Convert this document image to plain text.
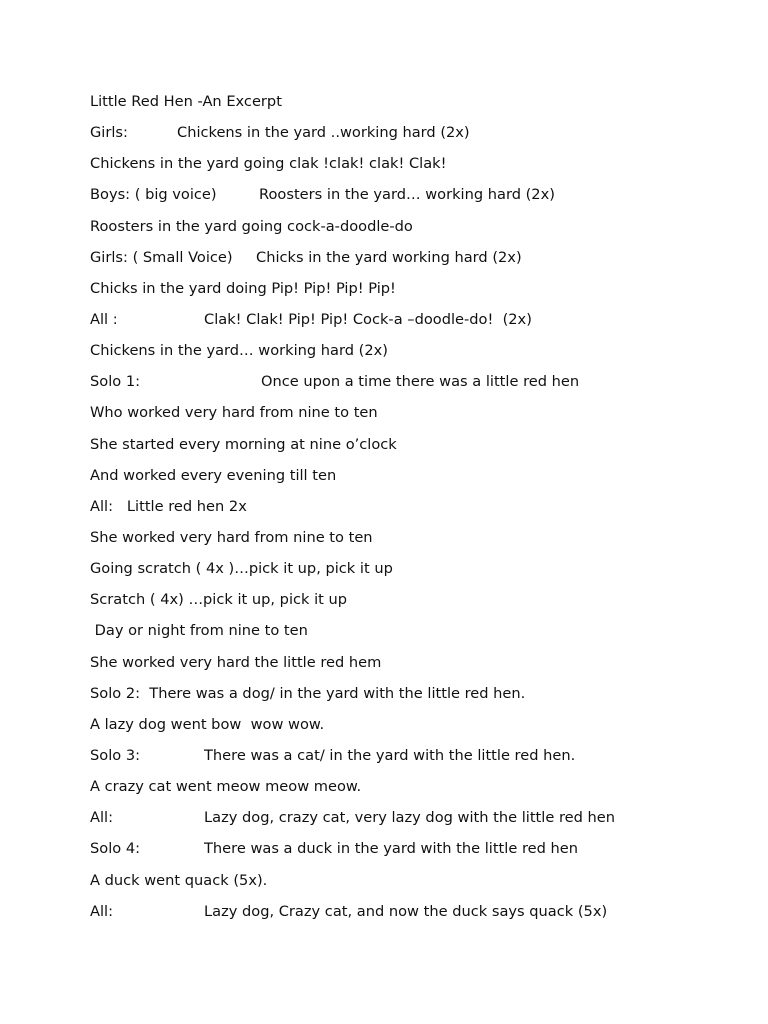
Little Red Hen -An Excerpt

Girls:

	Chickens in the yard ..working hard (2x)

Chickens in the yard going clak !clak! clak! Clak!

Boys: ( big voice)

	Roosters in the yard… working hard (2x)

Roosters in the yard going cock-a-doodle-do

Girls: ( Small Voice)

Chicks in the yard working hard (2x)

Chicks in the yard doing Pip! Pip! Pip! Pip!

All :

	Clak! Clak! Pip! Pip! Cock-a –doodle-do!  (2x)

Chickens in the yard… working hard (2x)

Solo 1:

	Once upon a time there was a little red hen

Who worked very hard from nine to ten

She started every morning at nine o’clock

And worked every evening till ten

All:   Little red hen 2x

She worked very hard from nine to ten

Going scratch ( 4x )…pick it up, pick it up

Scratch ( 4x) …pick it up, pick it up

Day or night from nine to ten

She worked very hard the little red hem

Solo 2:  There was a dog/ in the yard with the little red hen.

A lazy dog went bow  wow wow.

Solo 3:

	There was a cat/ in the yard with the little red hen.

A crazy cat went meow meow meow.

All:

	Lazy dog, crazy cat, very lazy dog with the little red hen

Solo 4:

	There was a duck in the yard with the little red hen

A duck went quack (5x).

All:

	Lazy dog, Crazy cat, and now the duck says quack (5x)
